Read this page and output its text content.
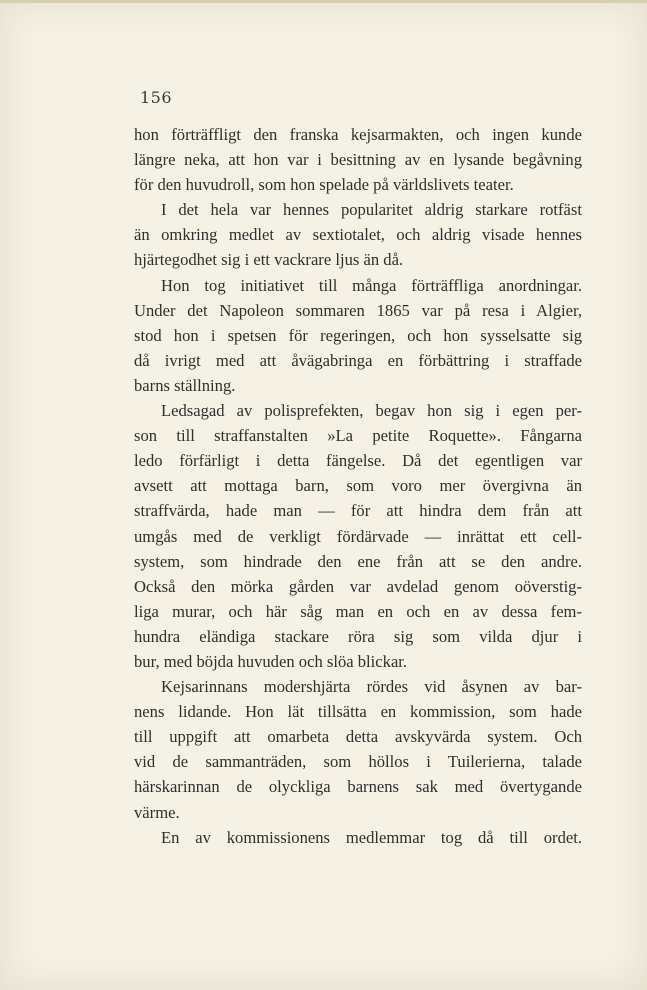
156
hon förträffligt den franska kejsarmakten, och ingen kunde
längre neka, att hon var i besittning av en lysande begåvning
för den huvudroll, som hon spelade på världslivets teater.
I det hela var hennes popularitet aldrig starkare rotfäst
än omkring medlet av sextiotalet, och aldrig visade hennes
hjärtegodhet sig i ett vackrare ljus än då.
Hon tog initiativet till många förträffliga anordningar.
Under det Napoleon sommaren 1865 var på resa i Algier,
stod hon i spetsen för regeringen, och hon sysselsatte sig
då ivrigt med att åvägabringa en förbättring i straffade
barns ställning.
Ledsagad av polisprefekten, begav hon sig i egen per-
son till straffanstalten »La petite Roquette». Fångarna
ledo förfärligt i detta fängelse. Då det egentligen var
avsett att mottaga barn, som voro mer övergivna än
straffvärda, hade man — för att hindra dem från att
umgås med de verkligt fördärvade — inrättat ett cell-
system, som hindrade den ene från att se den andre.
Också den mörka gården var avdelad genom oöverstig-
liga murar, och här såg man en och en av dessa fem-
hundra eländiga stackare röra sig som vilda djur i
bur, med böjda huvuden och slöa blickar.
Kejsarinnans modershjärta rördes vid åsynen av bar-
nens lidande. Hon lät tillsätta en kommission, som hade
till uppgift att omarbeta detta avskyvärda system. Och
vid de sammanträden, som höllos i Tuilerierna, talade
härskarinnan de olyckliga barnens sak med övertygande
värme.
En av kommissionens medlemmar tog då till ordet.
